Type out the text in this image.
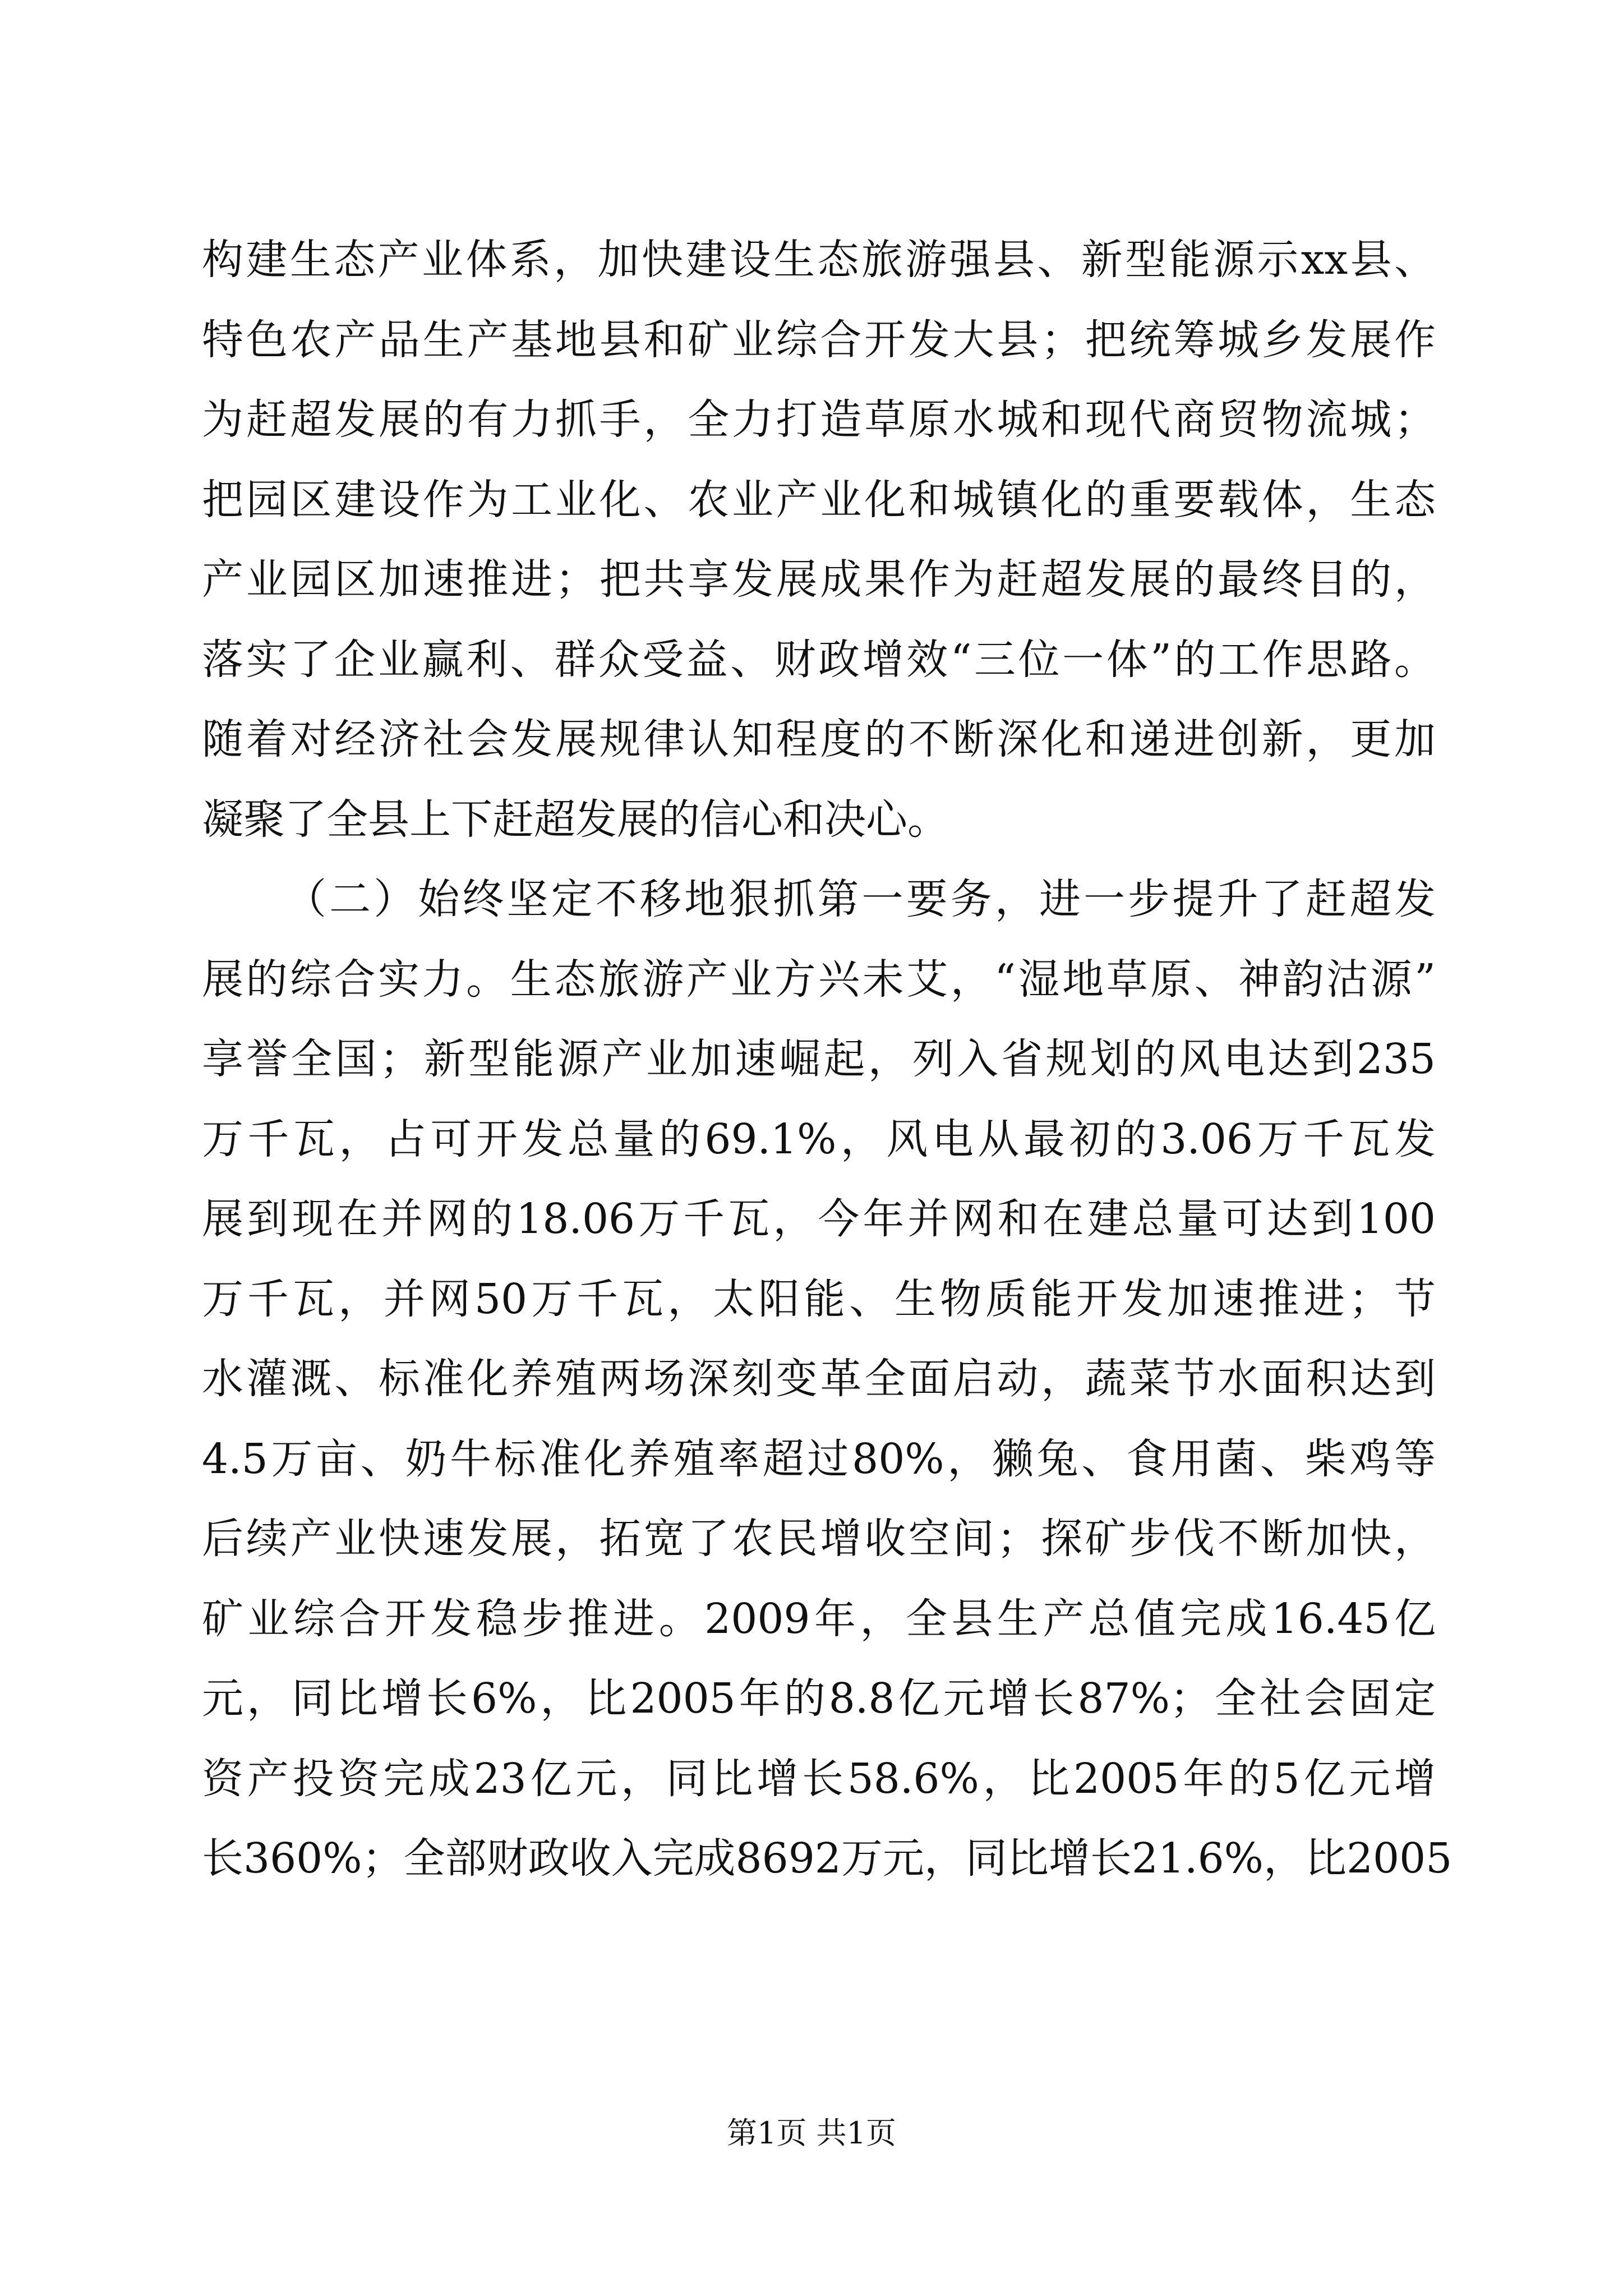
构建生态产业体系，加快建设生态旅游强县、新型能源示xx县、
特色农产品生产基地县和矿业综合开发大县；把统筹城乡发展作
为赶超发展的有力抓手，全力打造草原水城和现代商贸物流城；
把园区建设作为工业化、农业产业化和城镇化的重要载体，生态
产业园区加速推进；把共享发展成果作为赶超发展的最终目的，
落实了企业赢利、群众受益、财政增效“三位一体”的工作思路。
随着对经济社会发展规律认知程度的不断深化和递进创新，更加
凝聚了全县上下赶超发展的信心和决心。
（二）始终坚定不移地狠抓第一要务，进一步提升了赶超发
展的综合实力。生态旅游产业方兴未艾，“湿地草原、神韵沽源”
享誉全国；新型能源产业加速崛起，列入省规划的风电达到235
万千瓦，占可开发总量的69.1%，风电从最初的3.06万千瓦发
展到现在并网的18.06万千瓦，今年并网和在建总量可达到100
万千瓦，并网50万千瓦，太阳能、生物质能开发加速推进；节
水灌溉、标准化养殖两场深刻变革全面启动，蔬菜节水面积达到
4.5万亩、奶牛标准化养殖率超过80%，獭兔、食用菌、柴鸡等
后续产业快速发展，拓宽了农民增收空间；探矿步伐不断加快，
矿业综合开发稳步推进。2009年，全县生产总值完成16.45亿
元，同比增长6%，比2005年的8.8亿元增长87%；全社会固定
资产投资完成23亿元，同比增长58.6%，比2005年的5亿元增
长360%；全部财政收入完成8692万元，同比增长21.6%，比2005
第1页 共1页
